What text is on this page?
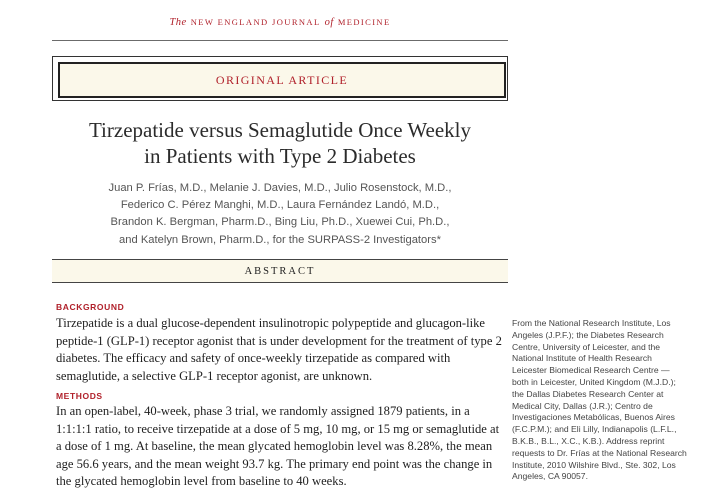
The NEW ENGLAND JOURNAL of MEDICINE
ORIGINAL ARTICLE
Tirzepatide versus Semaglutide Once Weekly
in Patients with Type 2 Diabetes
Juan P. Frías, M.D., Melanie J. Davies, M.D., Julio Rosenstock, M.D.,
Federico C. Pérez Manghi, M.D., Laura Fernández Landó, M.D.,
Brandon K. Bergman, Pharm.D., Bing Liu, Ph.D., Xuewei Cui, Ph.D.,
and Katelyn Brown, Pharm.D., for the SURPASS-2 Investigators*
ABSTRACT
BACKGROUND
Tirzepatide is a dual glucose-dependent insulinotropic polypeptide and glucagon-like peptide-1 (GLP-1) receptor agonist that is under development for the treatment of type 2 diabetes. The efficacy and safety of once-weekly tirzepatide as compared with semaglutide, a selective GLP-1 receptor agonist, are unknown.
METHODS
In an open-label, 40-week, phase 3 trial, we randomly assigned 1879 patients, in a 1:1:1:1 ratio, to receive tirzepatide at a dose of 5 mg, 10 mg, or 15 mg or semaglutide at a dose of 1 mg. At baseline, the mean glycated hemoglobin level was 8.28%, the mean age 56.6 years, and the mean weight 93.7 kg. The primary end point was the change in the glycated hemoglobin level from baseline to 40 weeks.
From the National Research Institute, Los Angeles (J.P.F.); the Diabetes Research Centre, University of Leicester, and the National Institute of Health Research Leicester Biomedical Research Centre — both in Leicester, United Kingdom (M.J.D.); the Dallas Diabetes Research Center at Medical City, Dallas (J.R.); Centro de Investigaciones Metabólicas, Buenos Aires (F.C.P.M.); and Eli Lilly, Indianapolis (L.F.L., B.K.B., B.L., X.C., K.B.). Address reprint requests to Dr. Frías at the National Research Institute, 2010 Wilshire Blvd., Ste. 302, Los Angeles, CA 90057.
